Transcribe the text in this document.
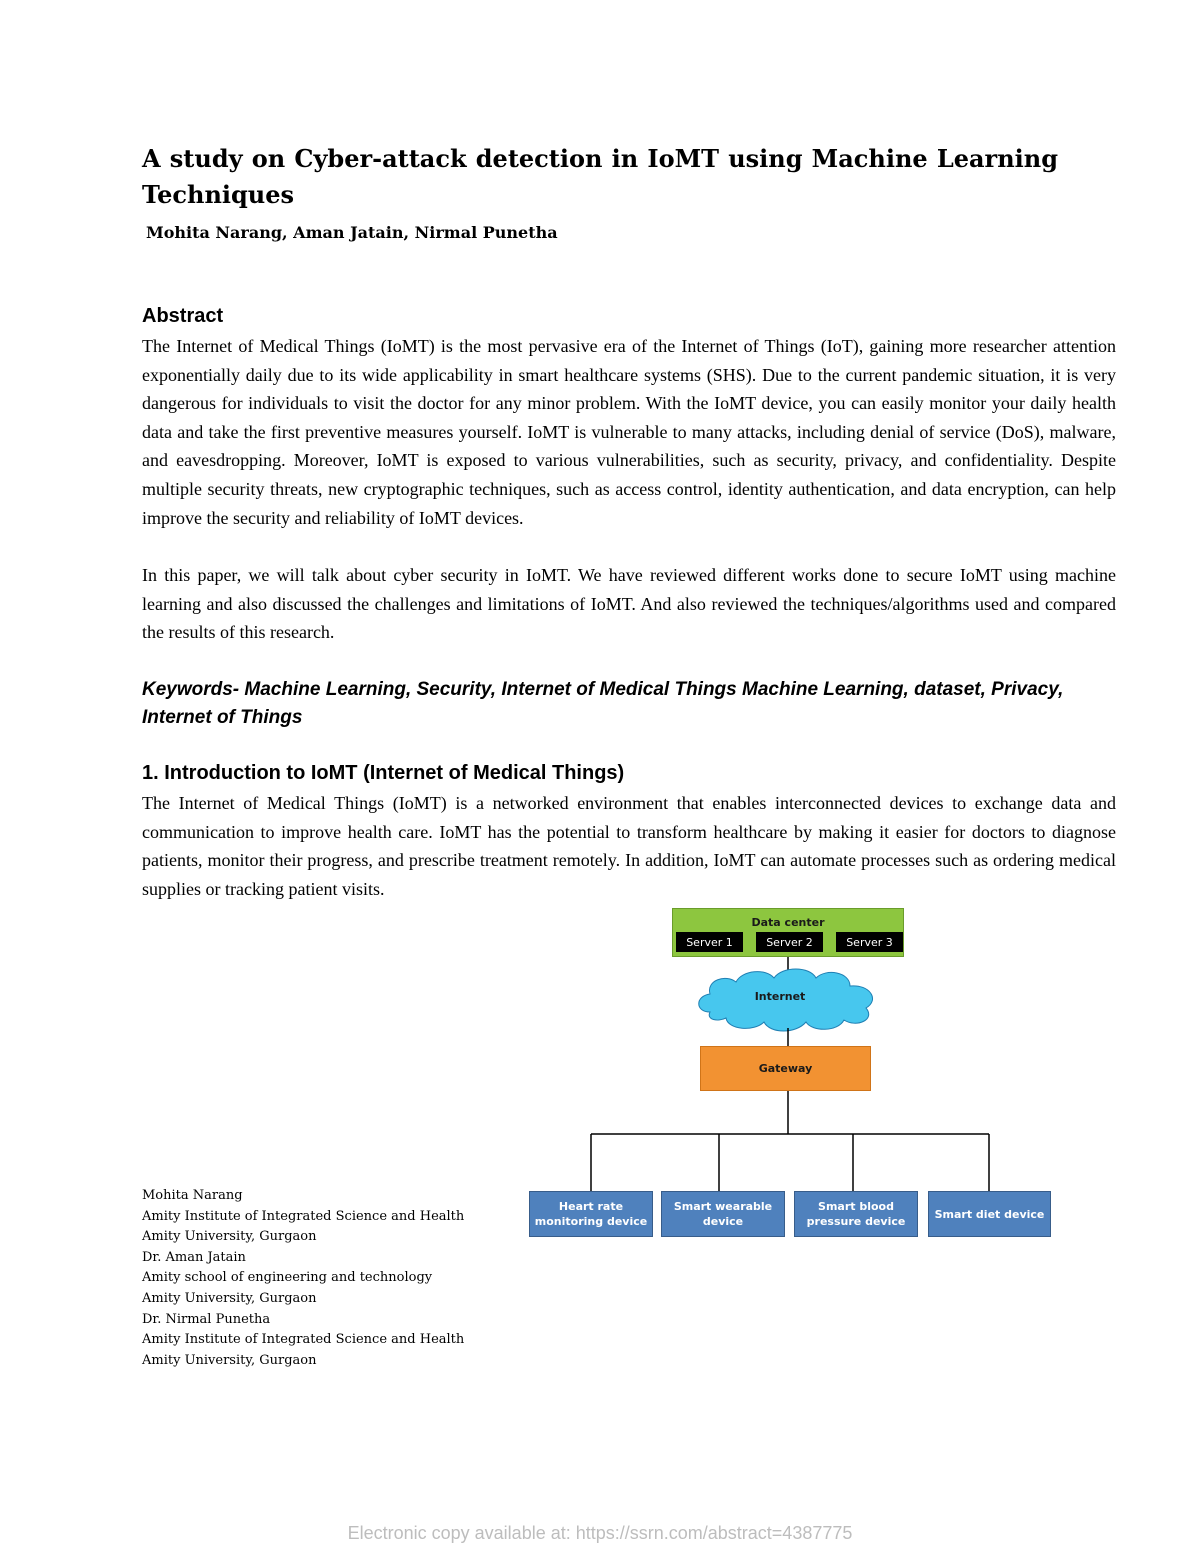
A study on Cyber-attack detection in IoMT using Machine Learning Techniques

Mohita Narang, Aman Jatain, Nirmal Punetha

Abstract

The Internet of Medical Things (IoMT) is the most pervasive era of the Internet of Things (IoT), gaining more researcher attention exponentially daily due to its wide applicability in smart healthcare systems (SHS). Due to the current pandemic situation, it is very dangerous for individuals to visit the doctor for any minor problem. With the IoMT device, you can easily monitor your daily health data and take the first preventive measures yourself. IoMT is vulnerable to many attacks, including denial of service (DoS), malware, and eavesdropping. Moreover, IoMT is exposed to various vulnerabilities, such as security, privacy, and confidentiality. Despite multiple security threats, new cryptographic techniques, such as access control, identity authentication, and data encryption, can help improve the security and reliability of IoMT devices.

In this paper, we will talk about cyber security in IoMT. We have reviewed different works done to secure IoMT using machine learning and also discussed the challenges and limitations of IoMT. And also reviewed the techniques/algorithms used and compared the results of this research.

Keywords- Machine Learning, Security, Internet of Medical Things Machine Learning, dataset, Privacy, Internet of Things

1. Introduction to IoMT (Internet of Medical Things)

The Internet of Medical Things (IoMT) is a networked environment that enables interconnected devices to exchange data and communication to improve health care. IoMT has the potential to transform healthcare by making it easier for doctors to diagnose patients, monitor their progress, and prescribe treatment remotely. In addition, IoMT can automate processes such as ordering medical supplies or tracking patient visits.

Data center
Server 1	Server 2	Server 3
Internet
Gateway
Heart rate monitoring device
Smart wearable device
Smart blood pressure device
Smart diet device
Mohita Narang
Amity Institute of Integrated Science and Health
Amity University, Gurgaon
Dr. Aman Jatain
Amity school of engineering and technology
Amity University, Gurgaon
Dr. Nirmal Punetha
Amity Institute of Integrated Science and Health
Amity University, Gurgaon

Electronic copy available at: https://ssrn.com/abstract=4387775
